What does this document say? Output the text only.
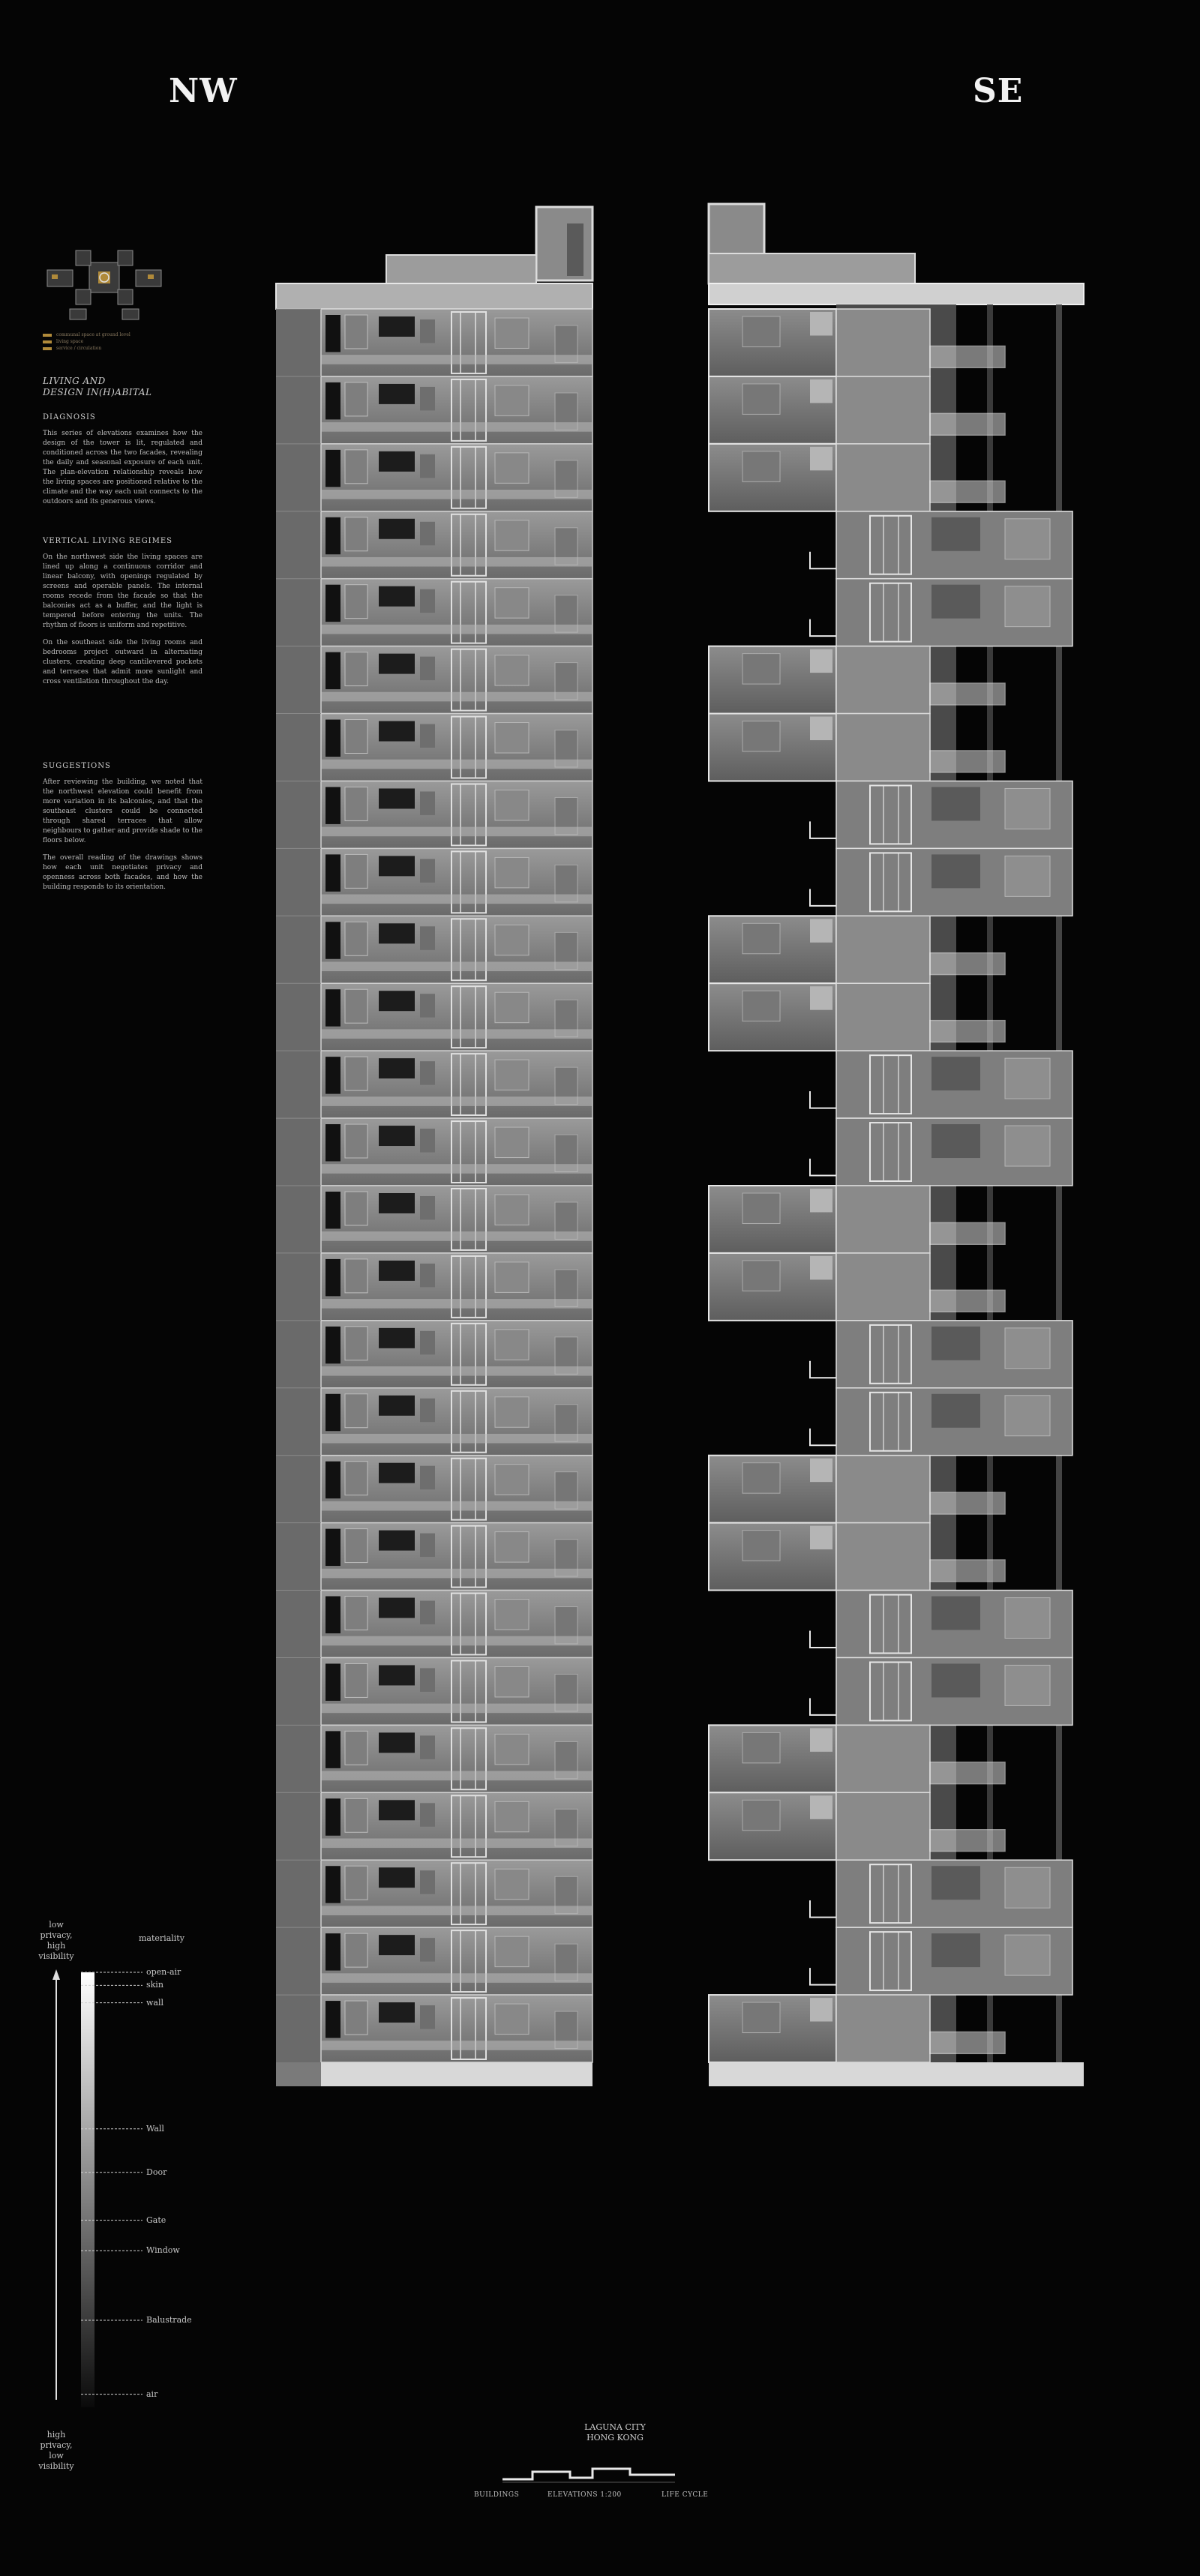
NW	SE
communal space at ground level
living space
service / circulation
LIVING AND
DESIGN IN(H)ABITAL
DIAGNOSIS
This series of elevations examines how the design of the tower is lit, regulated and conditioned across the two facades, revealing the daily and seasonal exposure of each unit. The plan-elevation relationship reveals how the living spaces are positioned relative to the climate and the way each unit connects to the outdoors and its generous views.
VERTICAL LIVING REGIMES
On the northwest side the living spaces are lined up along a continuous corridor and linear balcony, with openings regulated by screens and operable panels. The internal rooms recede from the facade so that the balconies act as a buffer, and the light is tempered before entering the units. The rhythm of floors is uniform and repetitive.
On the southeast side the living rooms and bedrooms project outward in alternating clusters, creating deep cantilevered pockets and terraces that admit more sunlight and cross ventilation throughout the day.
SUGGESTIONS
After reviewing the building, we noted that the northwest elevation could benefit from more variation in its balconies, and that the southeast clusters could be connected through shared terraces that allow neighbours to gather and provide shade to the floors below.
The overall reading of the drawings shows how each unit negotiates privacy and openness across both facades, and how the building responds to its orientation.
low
privacy,
high
visibility
materiality
open-air
skin
wall
Wall
Door
Gate
Window
Balustrade
air
high
privacy,
low
visibility
LAGUNA CITY
HONG KONG
BUILDINGS	ELEVATIONS 1:200	LIFE CYCLE
